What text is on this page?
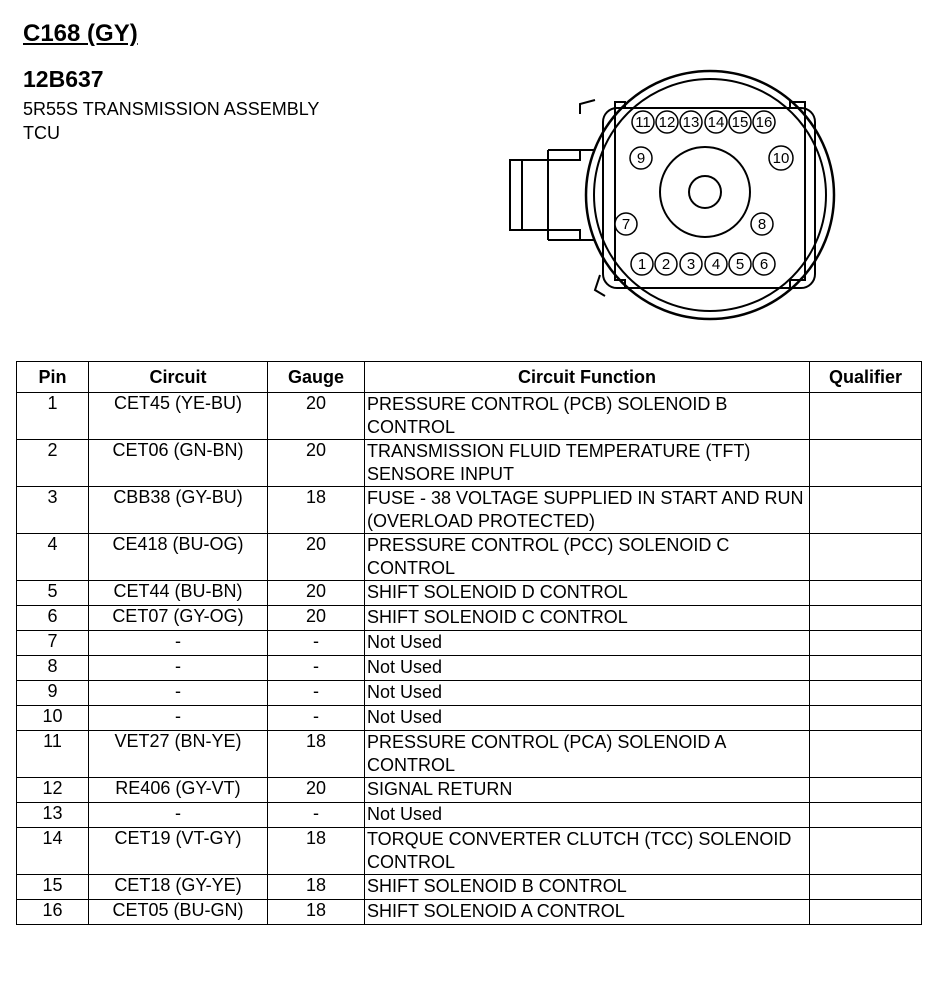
C168 (GY)
12B637

5R55S TRANSMISSION ASSEMBLY

TCU

11 12 13 14 15 16
1 2 3 4 5 6
9	10
7	8
Pin	Circuit	Gauge	Circuit Function	Qualifier
1	CET45 (YE-BU)	20	PRESSURE CONTROL (PCB) SOLENOID B CONTROL	
2	CET06 (GN-BN)	20	TRANSMISSION FLUID TEMPERATURE (TFT) SENSORE INPUT	
3	CBB38 (GY-BU)	18	FUSE - 38 VOLTAGE SUPPLIED IN START AND RUN (OVERLOAD PROTECTED)	
4	CE418 (BU-OG)	20	PRESSURE CONTROL (PCC) SOLENOID C CONTROL	
5	CET44 (BU-BN)	20	SHIFT SOLENOID D CONTROL	
6	CET07 (GY-OG)	20	SHIFT SOLENOID C CONTROL	
7	-	-	Not Used	
8	-	-	Not Used	
9	-	-	Not Used	
10	-	-	Not Used	
11	VET27 (BN-YE)	18	PRESSURE CONTROL (PCA) SOLENOID A CONTROL	
12	RE406 (GY-VT)	20	SIGNAL RETURN	
13	-	-	Not Used	
14	CET19 (VT-GY)	18	TORQUE CONVERTER CLUTCH (TCC) SOLENOID CONTROL	
15	CET18 (GY-YE)	18	SHIFT SOLENOID B CONTROL	
16	CET05 (BU-GN)	18	SHIFT SOLENOID A CONTROL	
